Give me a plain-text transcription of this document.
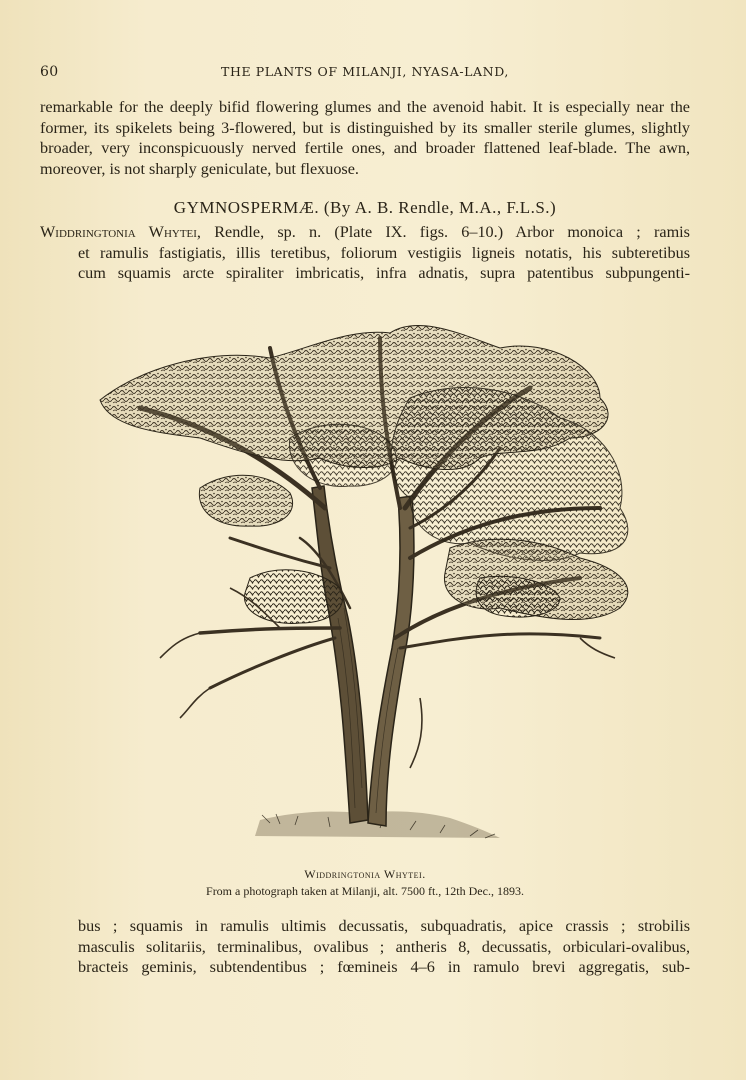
60	THE PLANTS OF MILANJI, NYASA-LAND,

remarkable for the deeply bifid flowering glumes and the avenoid habit. It is especially near the former, its spikelets being 3-flowered, but is distinguished by its smaller sterile glumes, slightly broader, very inconspicuously nerved fertile ones, and broader flattened leaf-blade. The awn, moreover, is not sharply geniculate, but flexuose.

GYMNOSPERMÆ. (By A. B. Rendle, M.A., F.L.S.)
Widdringtonia Whytei, Rendle, sp. n. (Plate IX. figs. 6–10.) Arbor monoica ; ramis
et ramulis fastigiatis, illis teretibus, foliorum vestigiis ligneis notatis, his subteretibus
cum squamis arcte spiraliter imbricatis, infra adnatis, supra patentibus subpungenti-
Widdringtonia Whytei.
From a photograph taken at Milanji, alt. 7500 ft., 12th Dec., 1893.
bus ; squamis in ramulis ultimis decussatis, subquadratis, apice crassis ; strobilis
masculis solitariis, terminalibus, ovalibus ; antheris 8, decussatis, orbiculari-ovalibus,
bracteis geminis, subtendentibus ; fœmineis 4–6 in ramulo brevi aggregatis, sub-
